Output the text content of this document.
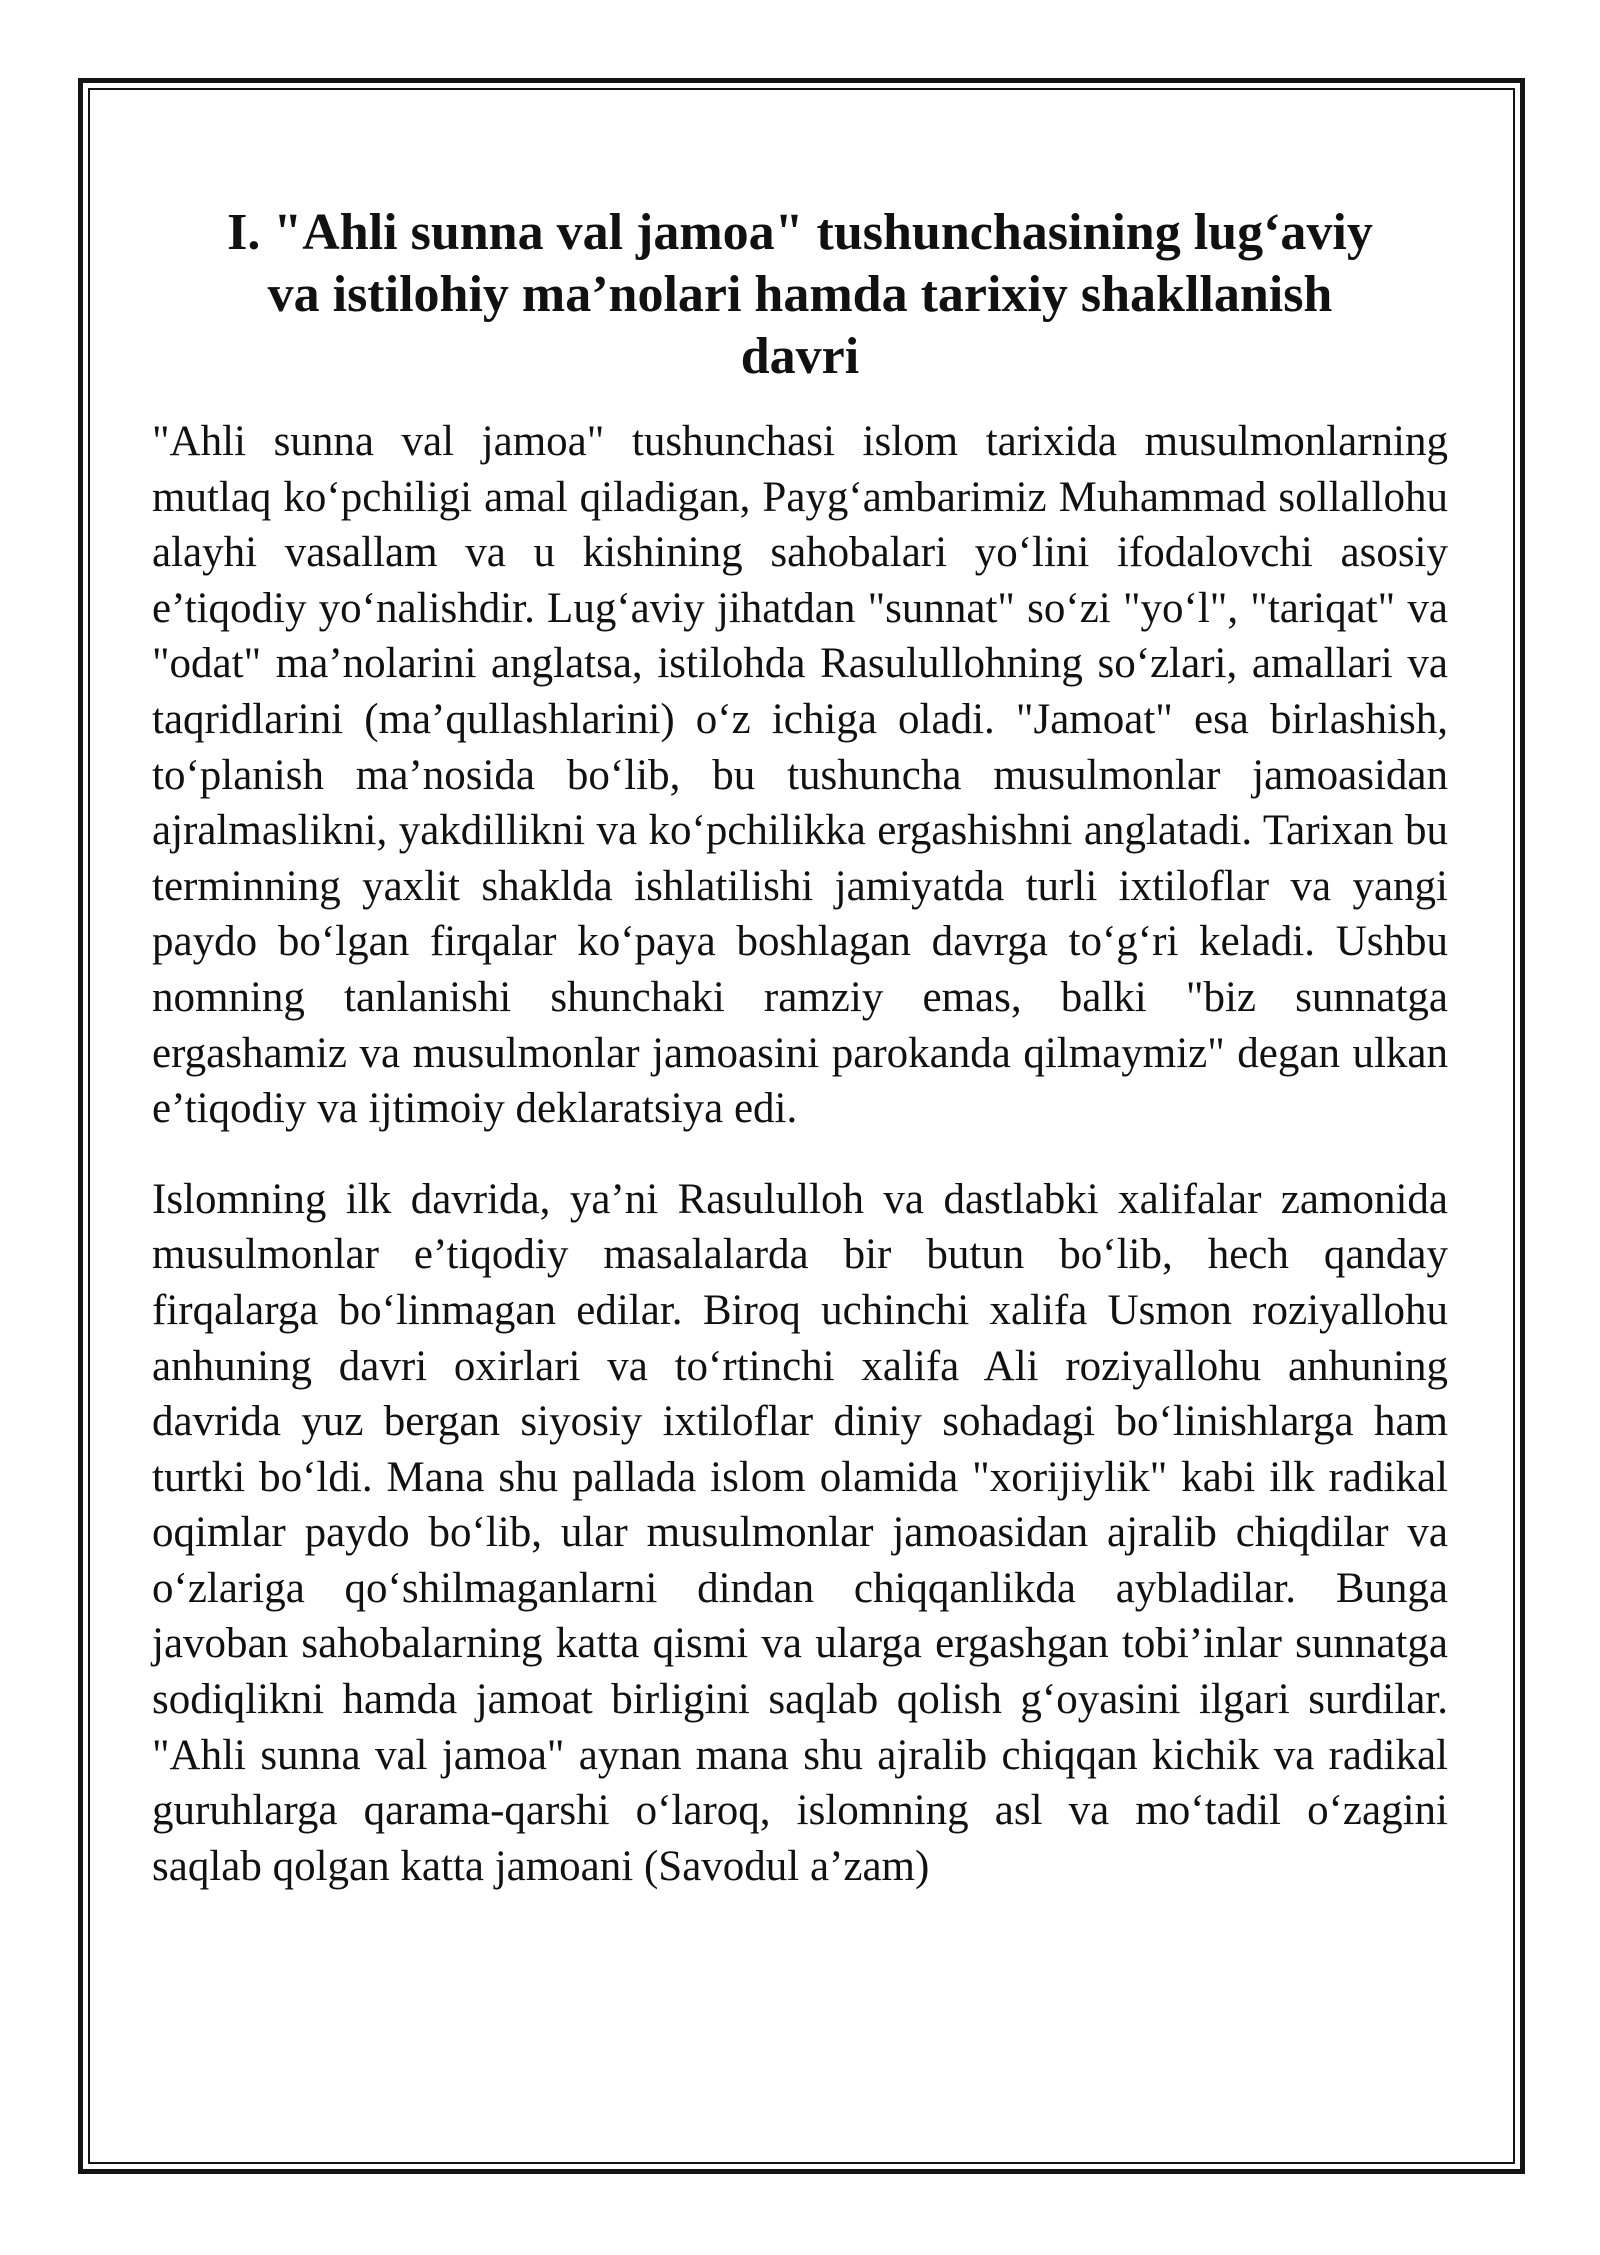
I. "Ahli sunna val jamoa" tushunchasining lug‘aviy va istilohiy ma’nolari hamda tarixiy shakllanish davri

"Ahli sunna val jamoa" tushunchasi islom tarixida musulmonlarning mutlaq ko‘pchiligi amal qiladigan, Payg‘ambarimiz Muhammad sollallohu alayhi vasallam va u kishining sahobalari yo‘lini ifodalovchi asosiy e’tiqodiy yo‘nalishdir. Lug‘aviy jihatdan "sunnat" so‘zi "yo‘l", "tariqat" va "odat" ma’nolarini anglatsa, istilohda Rasulullohning so‘zlari, amallari va taqridlarini (ma’qullashlarini) o‘z ichiga oladi. "Jamoat" esa birlashish, to‘planish ma’nosida bo‘lib, bu tushuncha musulmonlar jamoasidan ajralmaslikni, yakdillikni va ko‘pchilikka ergashishni anglatadi. Tarixan bu terminning yaxlit shaklda ishlatilishi jamiyatda turli ixtiloflar va yangi paydo bo‘lgan firqalar ko‘paya boshlagan davrga to‘g‘ri keladi. Ushbu nomning tanlanishi shunchaki ramziy emas, balki "biz sunnatga ergashamiz va musulmonlar jamoasini parokanda qilmaymiz" degan ulkan e’tiqodiy va ijtimoiy deklaratsiya edi.

Islomning ilk davrida, ya’ni Rasululloh va dastlabki xalifalar zamonida musulmonlar e’tiqodiy masalalarda bir butun bo‘lib, hech qanday firqalarga bo‘linmagan edilar. Biroq uchinchi xalifa Usmon roziyallohu anhuning davri oxirlari va to‘rtinchi xalifa Ali roziyallohu anhuning davrida yuz bergan siyosiy ixtiloflar diniy sohadagi bo‘linishlarga ham turtki bo‘ldi. Mana shu pallada islom olamida "xorijiylik" kabi ilk radikal oqimlar paydo bo‘lib, ular musulmonlar jamoasidan ajralib chiqdilar va o‘zlariga qo‘shilmaganlarni dindan chiqqanlikda aybladilar. Bunga javoban sahobalarning katta qismi va ularga ergashgan tobi’inlar sunnatga sodiqlikni hamda jamoat birligini saqlab qolish g‘oyasini ilgari surdilar. "Ahli sunna val jamoa" aynan mana shu ajralib chiqqan kichik va radikal guruhlarga qarama-qarshi o‘laroq, islomning asl va mo‘tadil o‘zagini saqlab qolgan katta jamoani (Savodul a’zam)
